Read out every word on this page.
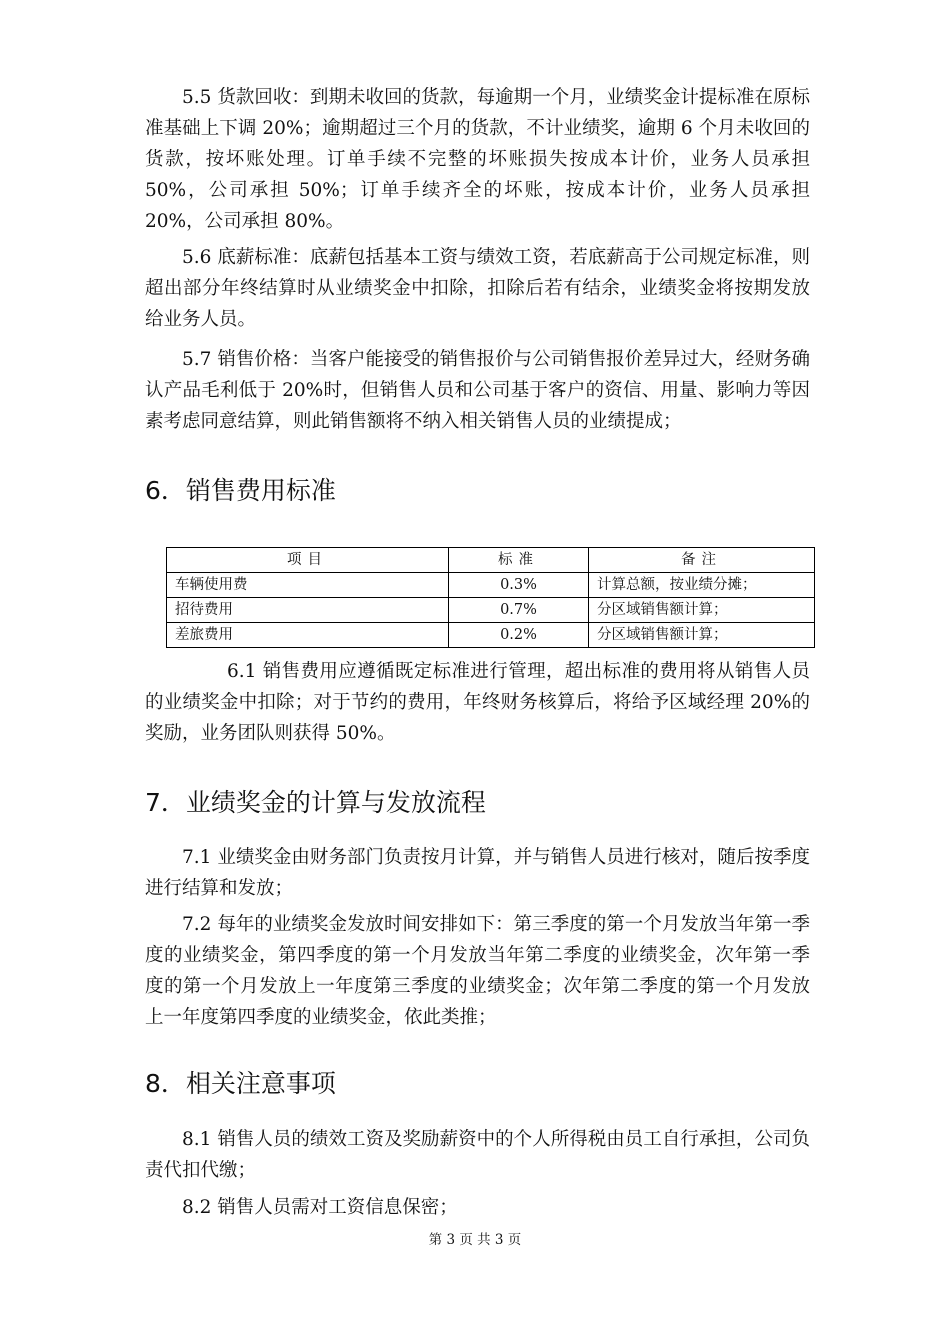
5.5 货款回收：到期未收回的货款，每逾期一个月，业绩奖金计提标准在原标准基础上下调 20%；逾期超过三个月的货款，不计业绩奖，逾期 6 个月未收回的货款，按坏账处理。订单手续不完整的坏账损失按成本计价，业务人员承担 50%，公司承担 50%；订单手续齐全的坏账，按成本计价，业务人员承担 20%，公司承担 80%。

5.6 底薪标准：底薪包括基本工资与绩效工资，若底薪高于公司规定标准，则超出部分年终结算时从业绩奖金中扣除，扣除后若有结余，业绩奖金将按期发放给业务人员。

5.7 销售价格：当客户能接受的销售报价与公司销售报价差异过大，经财务确认产品毛利低于 20%时，但销售人员和公司基于客户的资信、用量、影响力等因素考虑同意结算，则此销售额将不纳入相关销售人员的业绩提成；

6．销售费用标准
项目	标准	备注
车辆使用费	0.3%	计算总额，按业绩分摊；
招待费用	0.7%	分区域销售额计算；
差旅费用	0.2%	分区域销售额计算；

6.1 销售费用应遵循既定标准进行管理，超出标准的费用将从销售人员的业绩奖金中扣除；对于节约的费用，年终财务核算后，将给予区域经理 20%的奖励，业务团队则获得 50%。

7．业绩奖金的计算与发放流程

7.1 业绩奖金由财务部门负责按月计算，并与销售人员进行核对，随后按季度进行结算和发放；

7.2 每年的业绩奖金发放时间安排如下：第三季度的第一个月发放当年第一季度的业绩奖金，第四季度的第一个月发放当年第二季度的业绩奖金，次年第一季度的第一个月发放上一年度第三季度的业绩奖金；次年第二季度的第一个月发放上一年度第四季度的业绩奖金，依此类推；

8．相关注意事项

8.1 销售人员的绩效工资及奖励薪资中的个人所得税由员工自行承担，公司负责代扣代缴；

8.2 销售人员需对工资信息保密；

第 3 页 共 3 页
